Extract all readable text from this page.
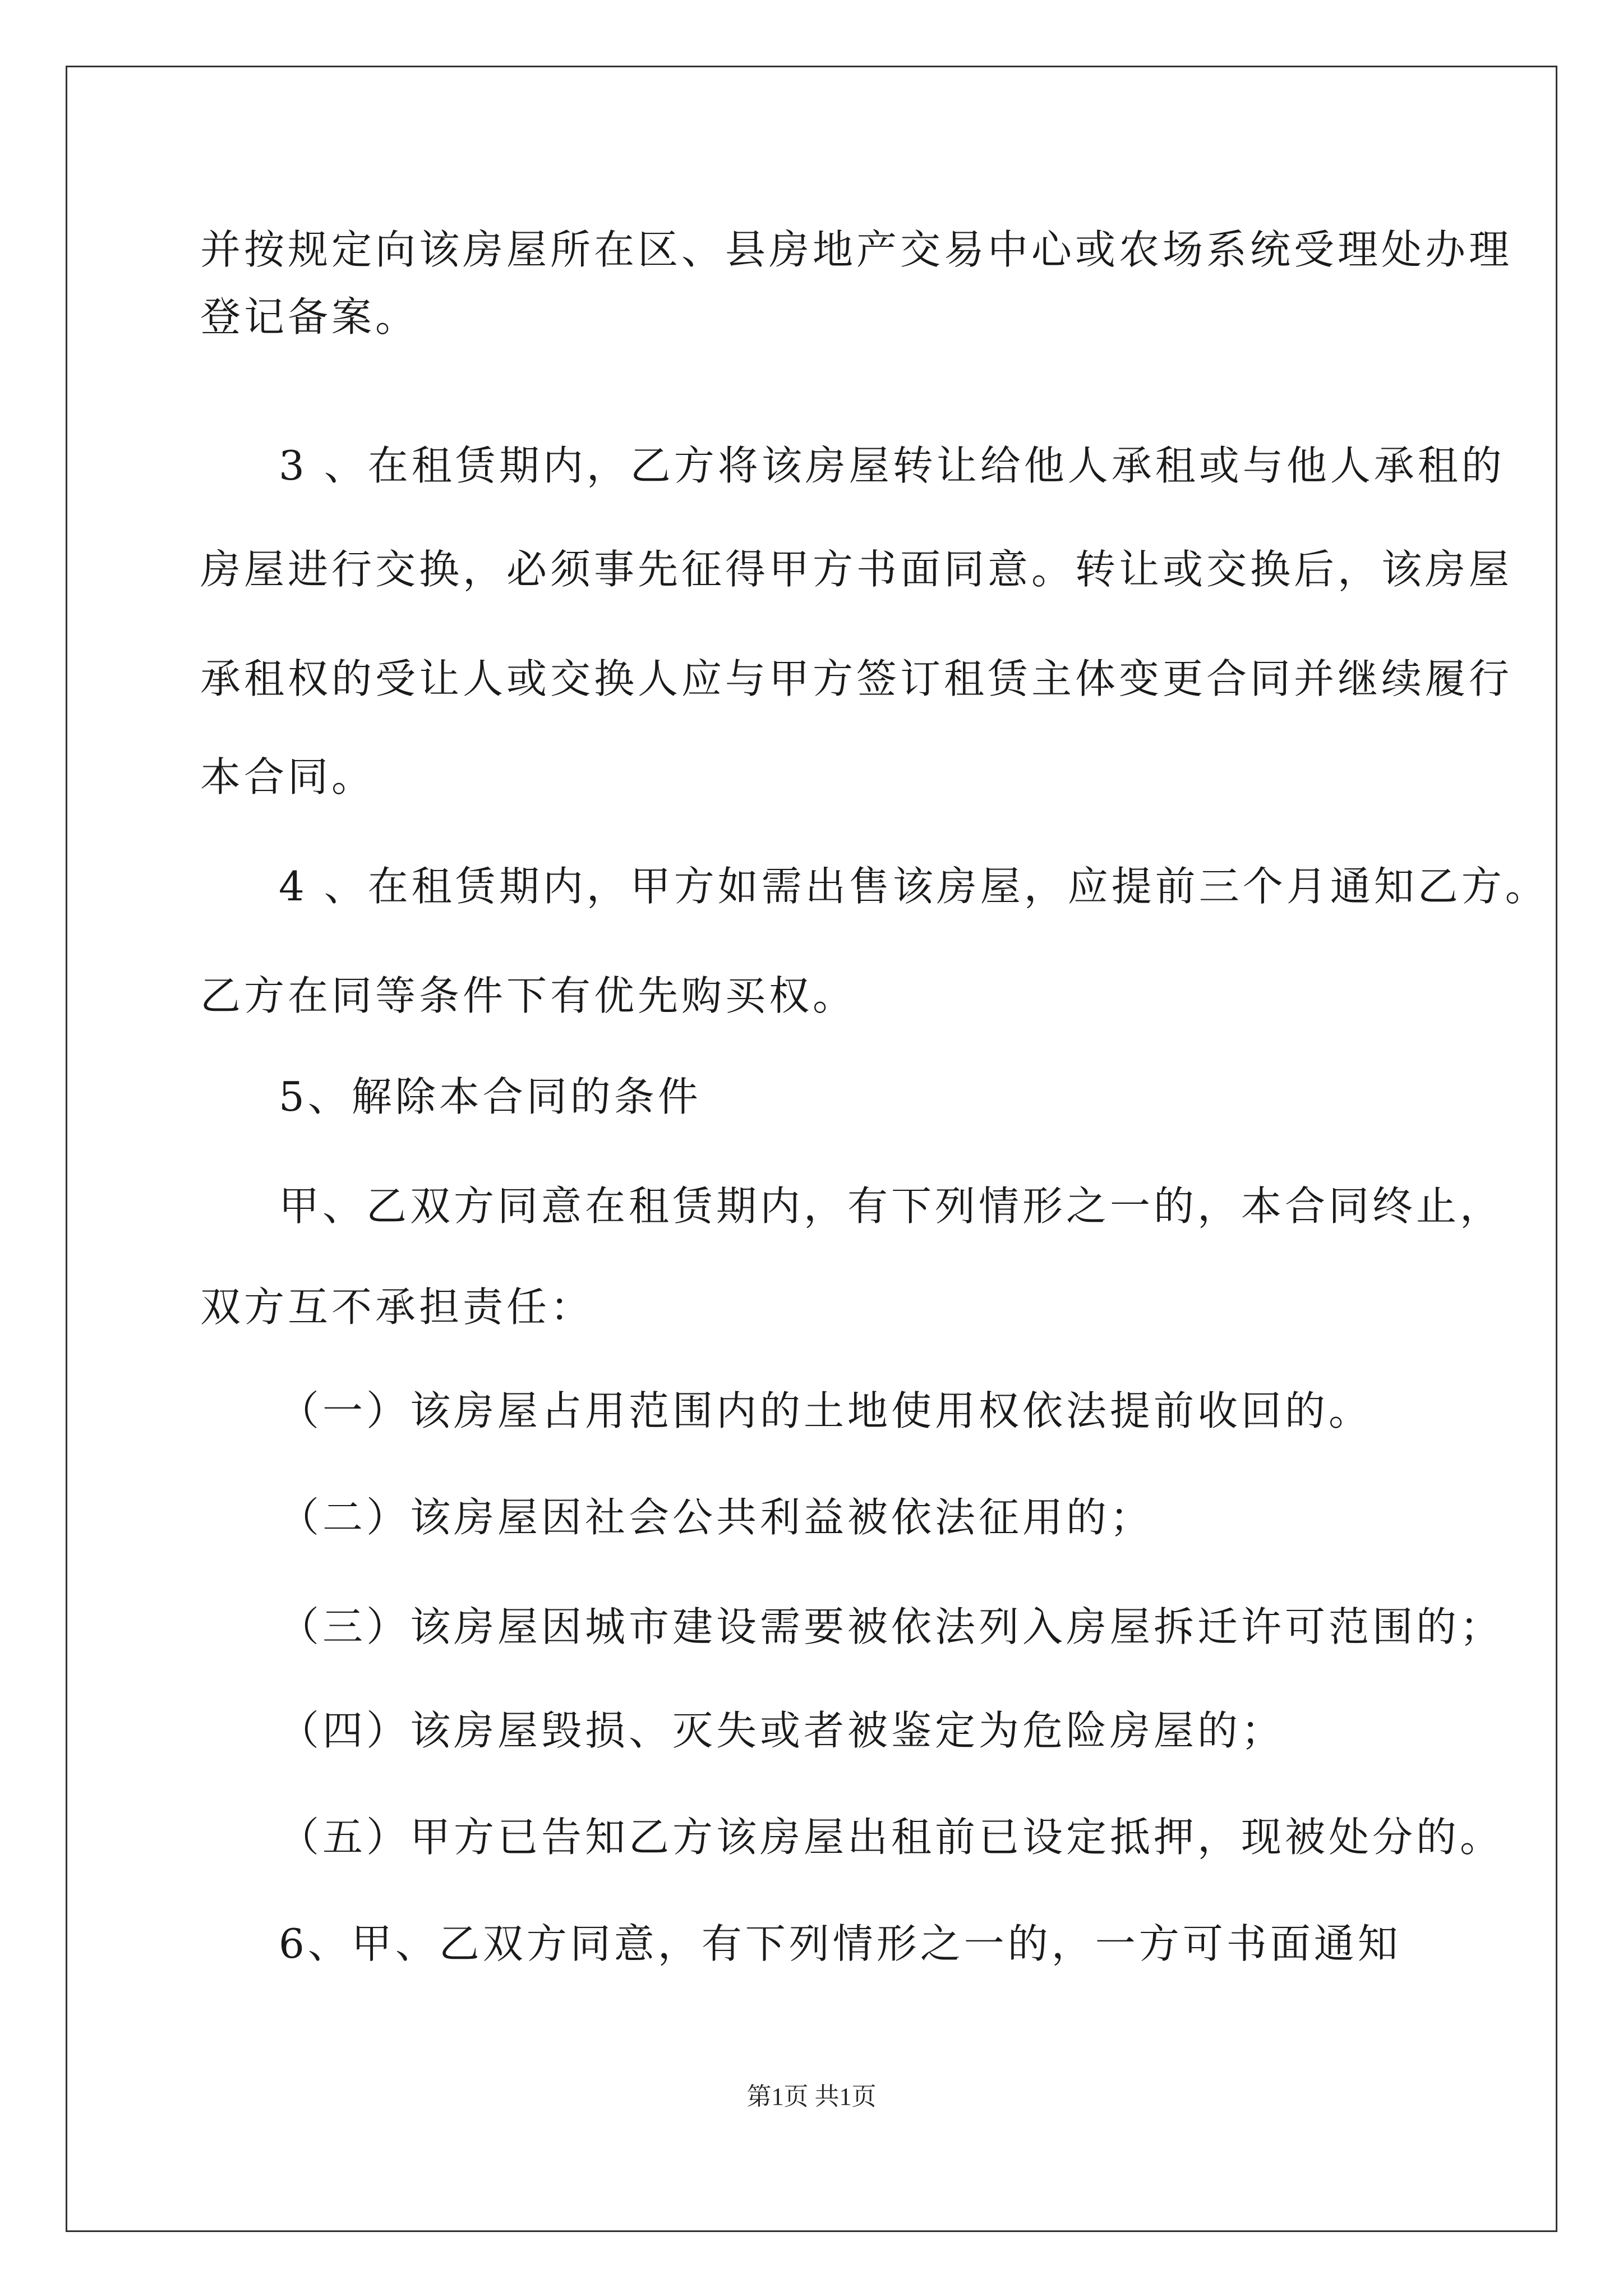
并按规定向该房屋所在区、县房地产交易中心或农场系统受理处办理
登记备案。
3 、在租赁期内，乙方将该房屋转让给他人承租或与他人承租的
房屋进行交换，必须事先征得甲方书面同意。转让或交换后，该房屋
承租权的受让人或交换人应与甲方签订租赁主体变更合同并继续履行
本合同。
4 、在租赁期内，甲方如需出售该房屋，应提前三个月通知乙方。
乙方在同等条件下有优先购买权。
5、解除本合同的条件
甲、乙双方同意在租赁期内，有下列情形之一的，本合同终止，
双方互不承担责任：
（一）该房屋占用范围内的土地使用权依法提前收回的。
（二）该房屋因社会公共利益被依法征用的；
（三）该房屋因城市建设需要被依法列入房屋拆迁许可范围的；
（四）该房屋毁损、灭失或者被鉴定为危险房屋的；
（五）甲方已告知乙方该房屋出租前已设定抵押，现被处分的。
6、甲、乙双方同意，有下列情形之一的，一方可书面通知
第1页 共1页
